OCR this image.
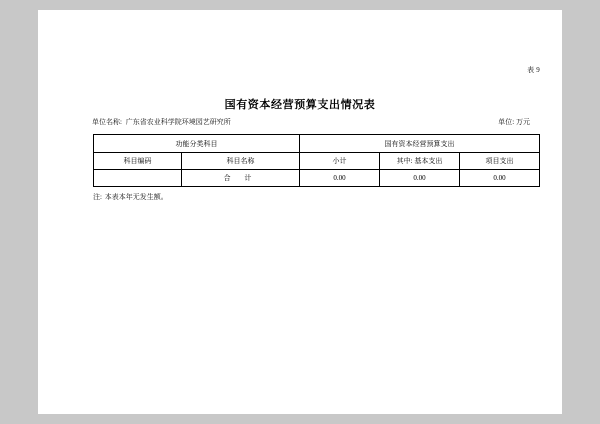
表 9
国有资本经营预算支出情况表
单位名称: 广东省农业科学院环境园艺研究所	单位: 万元
功能分类科目		国有资本经营预算支出		
科目编码	科目名称	小计	其中: 基本支出	项目支出
	合 计	0.00	0.00	0.00
注: 本表本年无发生额。
